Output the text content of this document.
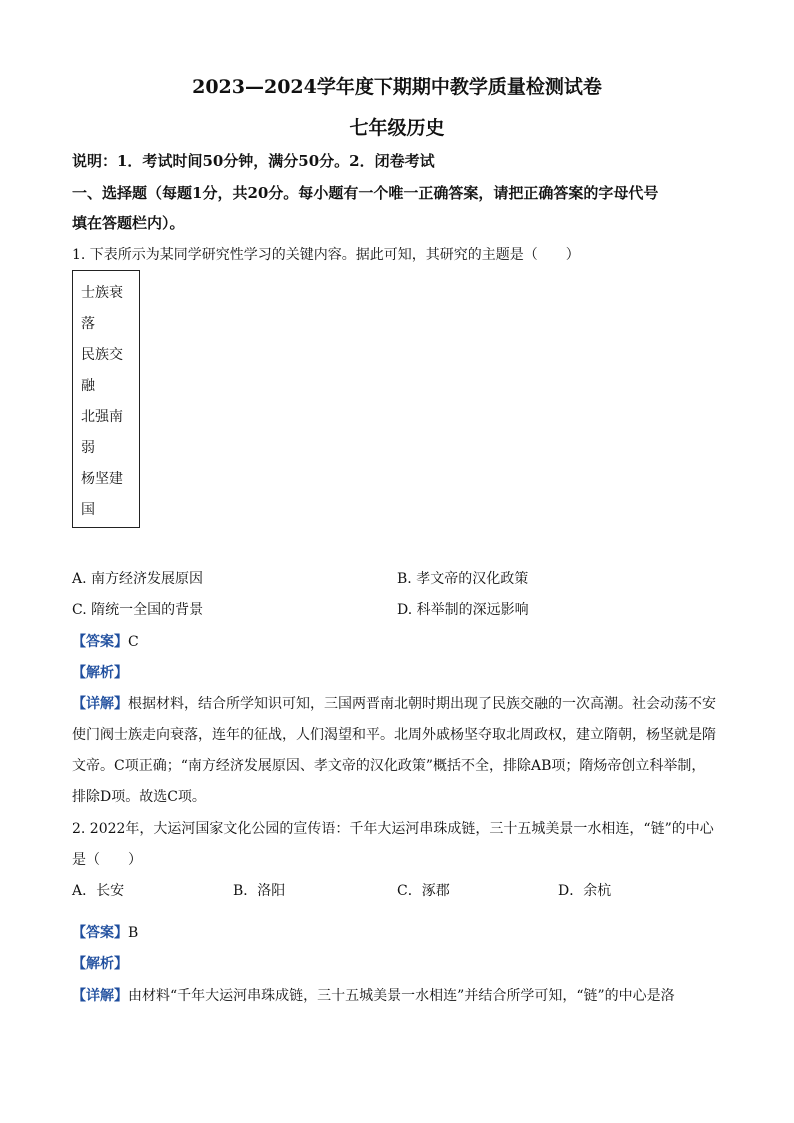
2023—2024学年度下期期中教学质量检测试卷
七年级历史
说明：1．考试时间50分钟，满分50分。2．闭卷考试
一、选择题（每题1分，共20分。每小题有一个唯一正确答案，请把正确答案的字母代号
填在答题栏内）。
1. 下表所示为某同学研究性学习的关键内容。据此可知，其研究的主题是（　　）
士族衰
落
民族交
融
北强南
弱
杨坚建
国
A. 南方经济发展原因	B. 孝文帝的汉化政策
C. 隋统一全国的背景	D. 科举制的深远影响
【答案】C
【解析】
【详解】根据材料，结合所学知识可知，三国两晋南北朝时期出现了民族交融的一次高潮。社会动荡不安
使门阀士族走向衰落，连年的征战，人们渴望和平。北周外戚杨坚夺取北周政权，建立隋朝，杨坚就是隋
文帝。C项正确；“南方经济发展原因、孝文帝的汉化政策”概括不全，排除AB项；隋炀帝创立科举制，
排除D项。故选C项。
2. 2022年，大运河国家文化公园的宣传语：千年大运河串珠成链，三十五城美景一水相连，“链”的中心
是（　　）
A．长安	B．洛阳	C．涿郡	D．余杭
【答案】B
【解析】
【详解】由材料“千年大运河串珠成链，三十五城美景一水相连”并结合所学可知，“链”的中心是洛
